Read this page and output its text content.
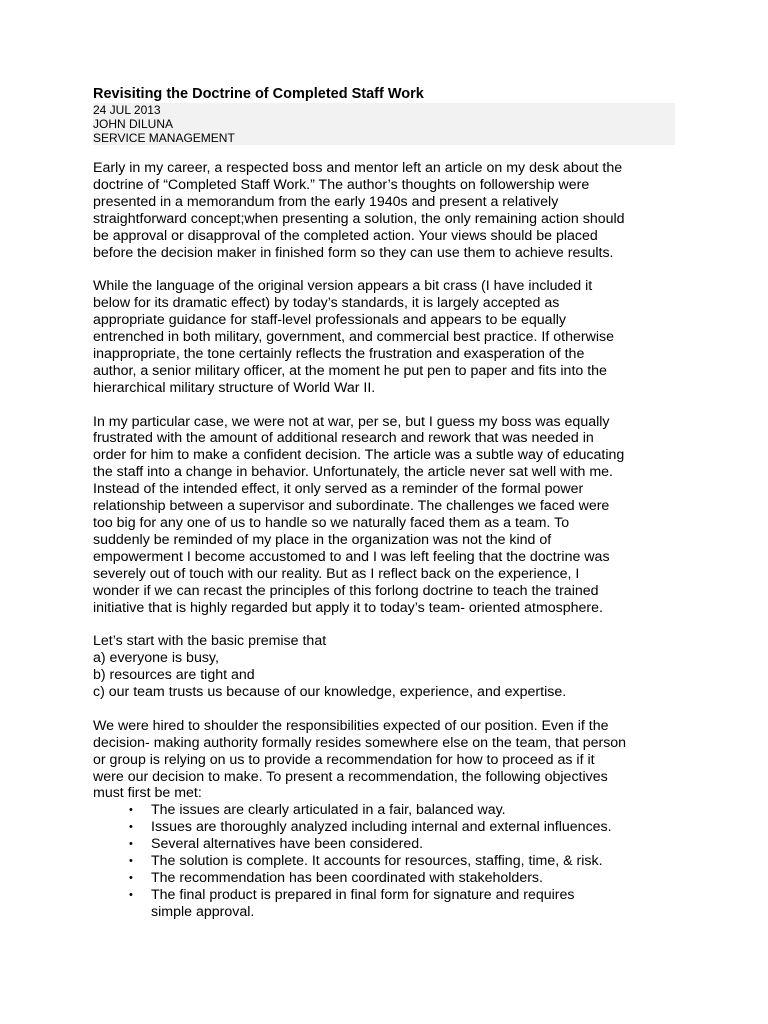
Revisiting the Doctrine of Completed Staff Work
24 JUL 2013
JOHN DILUNA
SERVICE MANAGEMENT
Early in my career, a respected boss and mentor left an article on my desk about the
doctrine of “Completed Staff Work.” The author’s thoughts on followership were
presented in a memorandum from the early 1940s and present a relatively
straightforward concept;when presenting a solution, the only remaining action should
be approval or disapproval of the completed action. Your views should be placed
before the decision maker in finished form so they can use them to achieve results.
While the language of the original version appears a bit crass (I have included it
below for its dramatic effect) by today’s standards, it is largely accepted as
appropriate guidance for staff-level professionals and appears to be equally
entrenched in both military, government, and commercial best practice. If otherwise
inappropriate, the tone certainly reflects the frustration and exasperation of the
author, a senior military officer, at the moment he put pen to paper and fits into the
hierarchical military structure of World War II.
In my particular case, we were not at war, per se, but I guess my boss was equally
frustrated with the amount of additional research and rework that was needed in
order for him to make a confident decision. The article was a subtle way of educating
the staff into a change in behavior. Unfortunately, the article never sat well with me.
Instead of the intended effect, it only served as a reminder of the formal power
relationship between a supervisor and subordinate. The challenges we faced were
too big for any one of us to handle so we naturally faced them as a team. To
suddenly be reminded of my place in the organization was not the kind of
empowerment I become accustomed to and I was left feeling that the doctrine was
severely out of touch with our reality. But as I reflect back on the experience, I
wonder if we can recast the principles of this forlong doctrine to teach the trained
initiative that is highly regarded but apply it to today’s team- oriented atmosphere.
Let’s start with the basic premise that
a) everyone is busy,
b) resources are tight and
c) our team trusts us because of our knowledge, experience, and expertise.
We were hired to shoulder the responsibilities expected of our position. Even if the
decision- making authority formally resides somewhere else on the team, that person
or group is relying on us to provide a recommendation for how to proceed as if it
were our decision to make. To present a recommendation, the following objectives
must first be met:
• The issues are clearly articulated in a fair, balanced way.
• Issues are thoroughly analyzed including internal and external influences.
• Several alternatives have been considered.
• The solution is complete. It accounts for resources, staffing, time, & risk.
• The recommendation has been coordinated with stakeholders.
• The final product is prepared in final form for signature and requires
simple approval.
